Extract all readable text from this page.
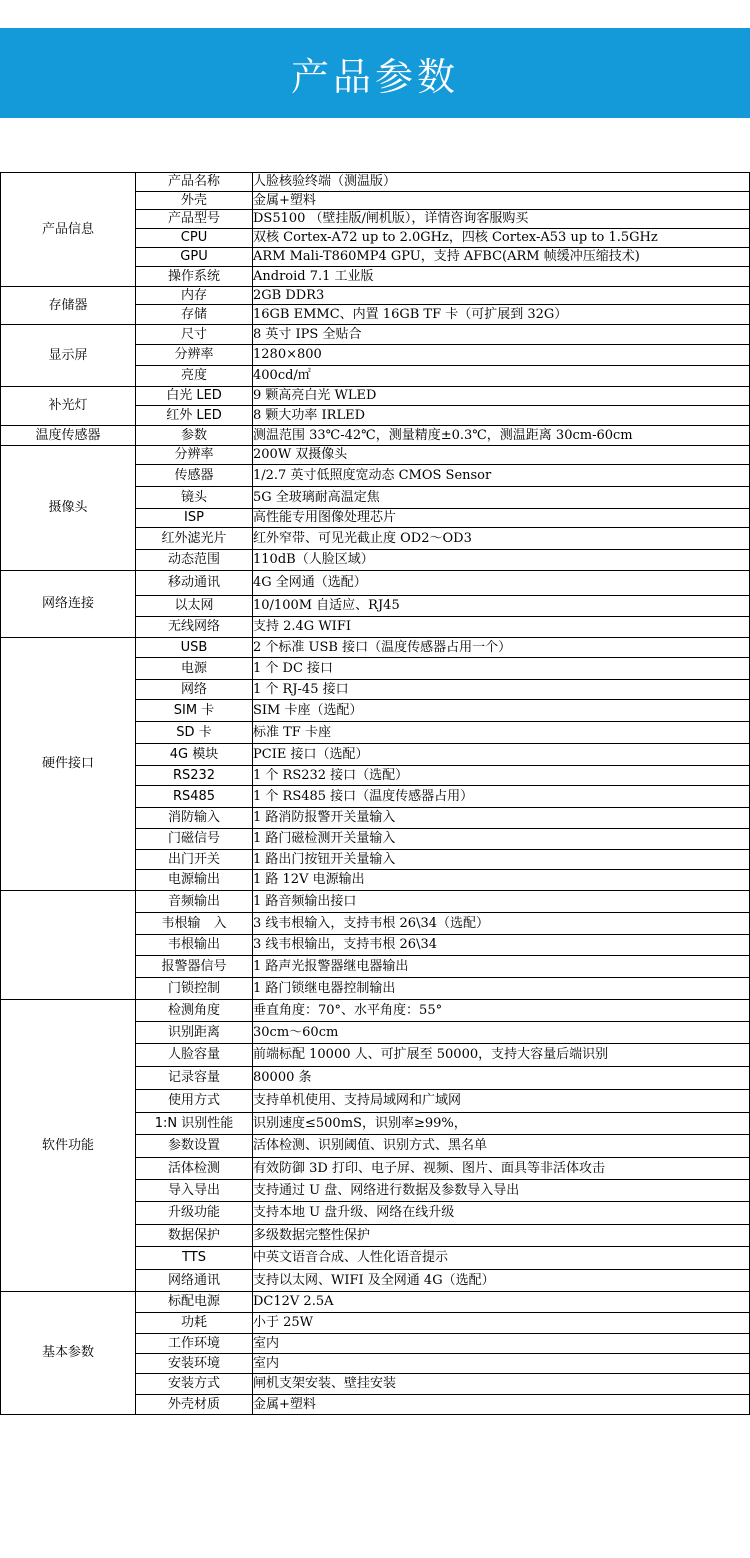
产品参数
产品信息	产品名称	人脸核验终端（测温版）
	外壳	金属+塑料
	产品型号	DS5100 （壁挂版/闸机版），详情咨询客服购买
	CPU	双核 Cortex-A72 up to 2.0GHz，四核 Cortex-A53 up to 1.5GHz
	GPU	ARM Mali-T860MP4 GPU，支持 AFBC(ARM 帧缓冲压缩技术)
	操作系统	Android 7.1 工业版
存储器	内存	2GB DDR3
	存储	16GB EMMC、内置 16GB TF 卡（可扩展到 32G）
显示屏	尺寸	8 英寸 IPS 全贴合
	分辨率	1280×800
	亮度	400cd/㎡
补光灯	白光 LED	9 颗高亮白光 WLED
	红外 LED	8 颗大功率 IRLED
温度传感器	参数	测温范围 33℃-42℃，测量精度±0.3℃，测温距离 30cm-60cm
摄像头	分辨率	200W 双摄像头
	传感器	1/2.7 英寸低照度宽动态 CMOS Sensor
	镜头	5G 全玻璃耐高温定焦
	ISP	高性能专用图像处理芯片
	红外滤光片	红外窄带、可见光截止度 OD2～OD3
	动态范围	110dB（人脸区域）
网络连接	移动通讯	4G 全网通（选配）
	以太网	10/100M 自适应、RJ45
	无线网络	支持 2.4G WIFI
硬件接口	USB	2 个标准 USB 接口（温度传感器占用一个）
	电源	1 个 DC 接口
	网络	1 个 RJ-45 接口
	SIM 卡	SIM 卡座（选配）
	SD 卡	标准 TF 卡座
	4G 模块	PCIE 接口（选配）
	RS232	1 个 RS232 接口（选配）
	RS485	1 个 RS485 接口（温度传感器占用）
	消防输入	1 路消防报警开关量输入
	门磁信号	1 路门磁检测开关量输入
	出门开关	1 路出门按钮开关量输入
	电源输出	1 路 12V 电源输出
	音频输出	1 路音频输出接口
	韦根输　入	3 线韦根输入，支持韦根 26\34（选配）
	韦根输出	3 线韦根输出，支持韦根 26\34
	报警器信号	1 路声光报警器继电器输出
	门锁控制	1 路门锁继电器控制输出
软件功能	检测角度	垂直角度：70°、水平角度：55°
	识别距离	30cm～60cm
	人脸容量	前端标配 10000 人、可扩展至 50000，支持大容量后端识别
	记录容量	80000 条
	使用方式	支持单机使用、支持局域网和广域网
	1:N 识别性能	识别速度≤500mS，识别率≥99%，
	参数设置	活体检测、识别阈值、识别方式、黑名单
	活体检测	有效防御 3D 打印、电子屏、视频、图片、面具等非活体攻击
	导入导出	支持通过 U 盘、网络进行数据及参数导入导出
	升级功能	支持本地 U 盘升级、网络在线升级
	数据保护	多级数据完整性保护
	TTS	中英文语音合成、人性化语音提示
	网络通讯	支持以太网、WIFI 及全网通 4G（选配）
基本参数	标配电源	DC12V 2.5A
	功耗	小于 25W
	工作环境	室内
	安装环境	室内
	安装方式	闸机支架安装、壁挂安装
	外壳材质	金属+塑料
